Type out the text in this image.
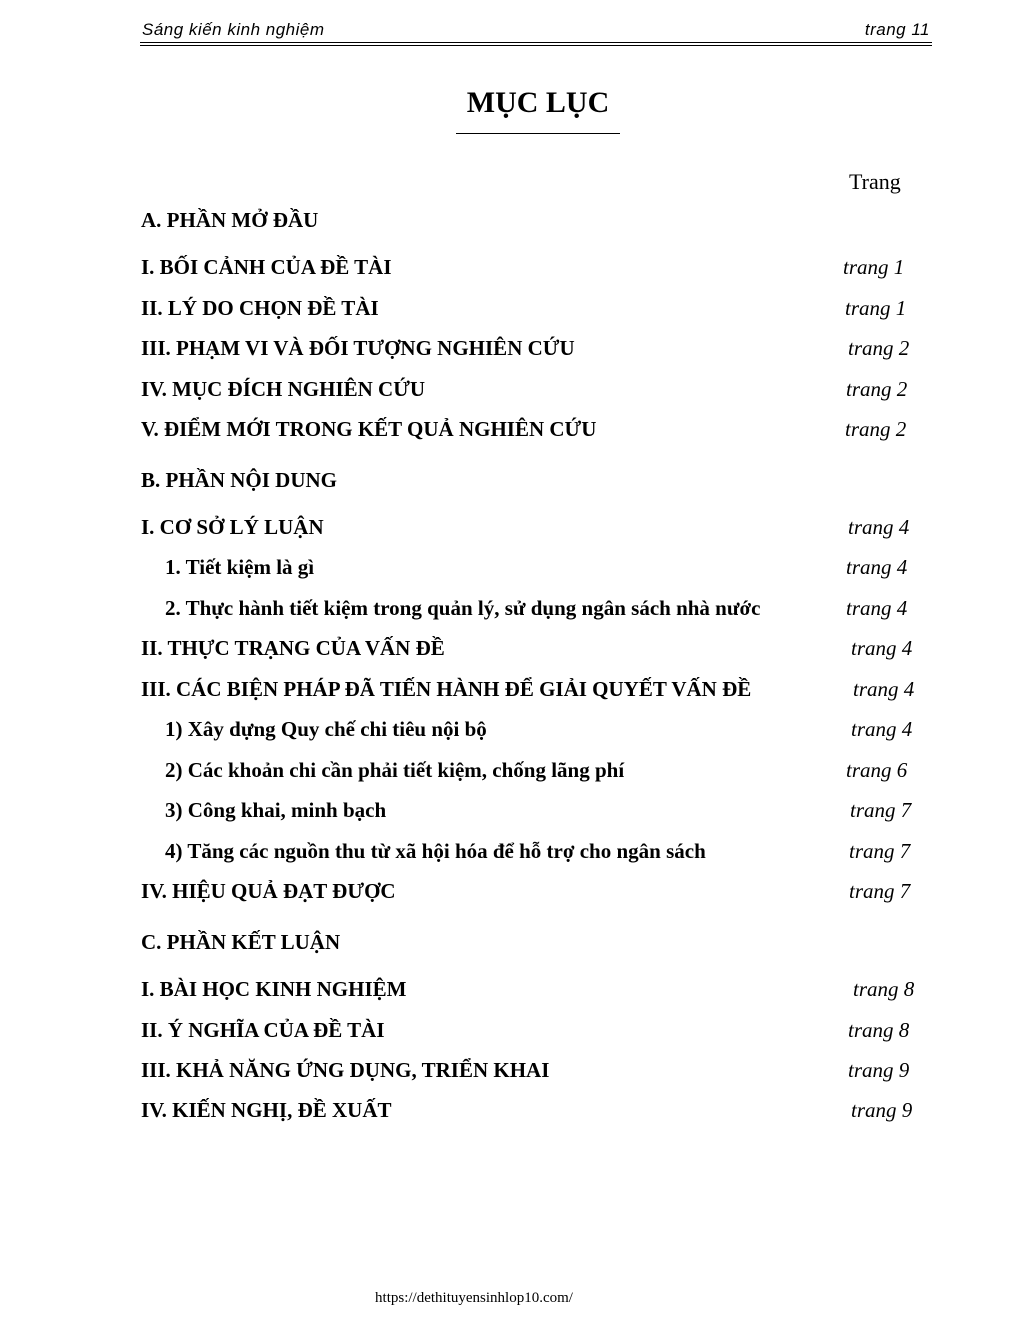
Sáng kiến kinh nghiệm	trang 11
MỤC LỤC
Trang
A. PHẦN MỞ ĐẦU
I. BỐI CẢNH CỦA ĐỀ TÀI	trang 1
II. LÝ DO CHỌN ĐỀ TÀI	trang 1
III. PHẠM VI VÀ ĐỐI TƯỢNG NGHIÊN CỨU	trang 2
IV. MỤC ĐÍCH NGHIÊN CỨU	trang 2
V. ĐIỂM MỚI TRONG KẾT QUẢ NGHIÊN CỨU	trang 2
B. PHẦN NỘI DUNG
I. CƠ SỞ LÝ LUẬN	trang 4
1. Tiết kiệm là gì	trang 4
2. Thực hành tiết kiệm trong quản lý, sử dụng ngân sách nhà nước	trang 4
II. THỰC TRẠNG CỦA VẤN ĐỀ	trang 4
III. CÁC BIỆN PHÁP ĐÃ TIẾN HÀNH ĐỂ GIẢI QUYẾT VẤN ĐỀ	trang 4
1) Xây dựng Quy chế chi tiêu nội bộ	trang 4
2) Các khoản chi cần phải tiết kiệm, chống lãng phí	trang 6
3) Công khai, minh bạch	trang 7
4) Tăng các nguồn thu từ xã hội hóa để hỗ trợ cho ngân sách	trang 7
IV. HIỆU QUẢ ĐẠT ĐƯỢC	trang 7
C. PHẦN KẾT LUẬN
I. BÀI HỌC KINH NGHIỆM	trang 8
II. Ý NGHĨA CỦA ĐỀ TÀI	trang 8
III. KHẢ NĂNG ỨNG DỤNG, TRIỂN KHAI	trang 9
IV. KIẾN NGHỊ, ĐỀ XUẤT	trang 9
https://dethituyensinhlop10.com/
